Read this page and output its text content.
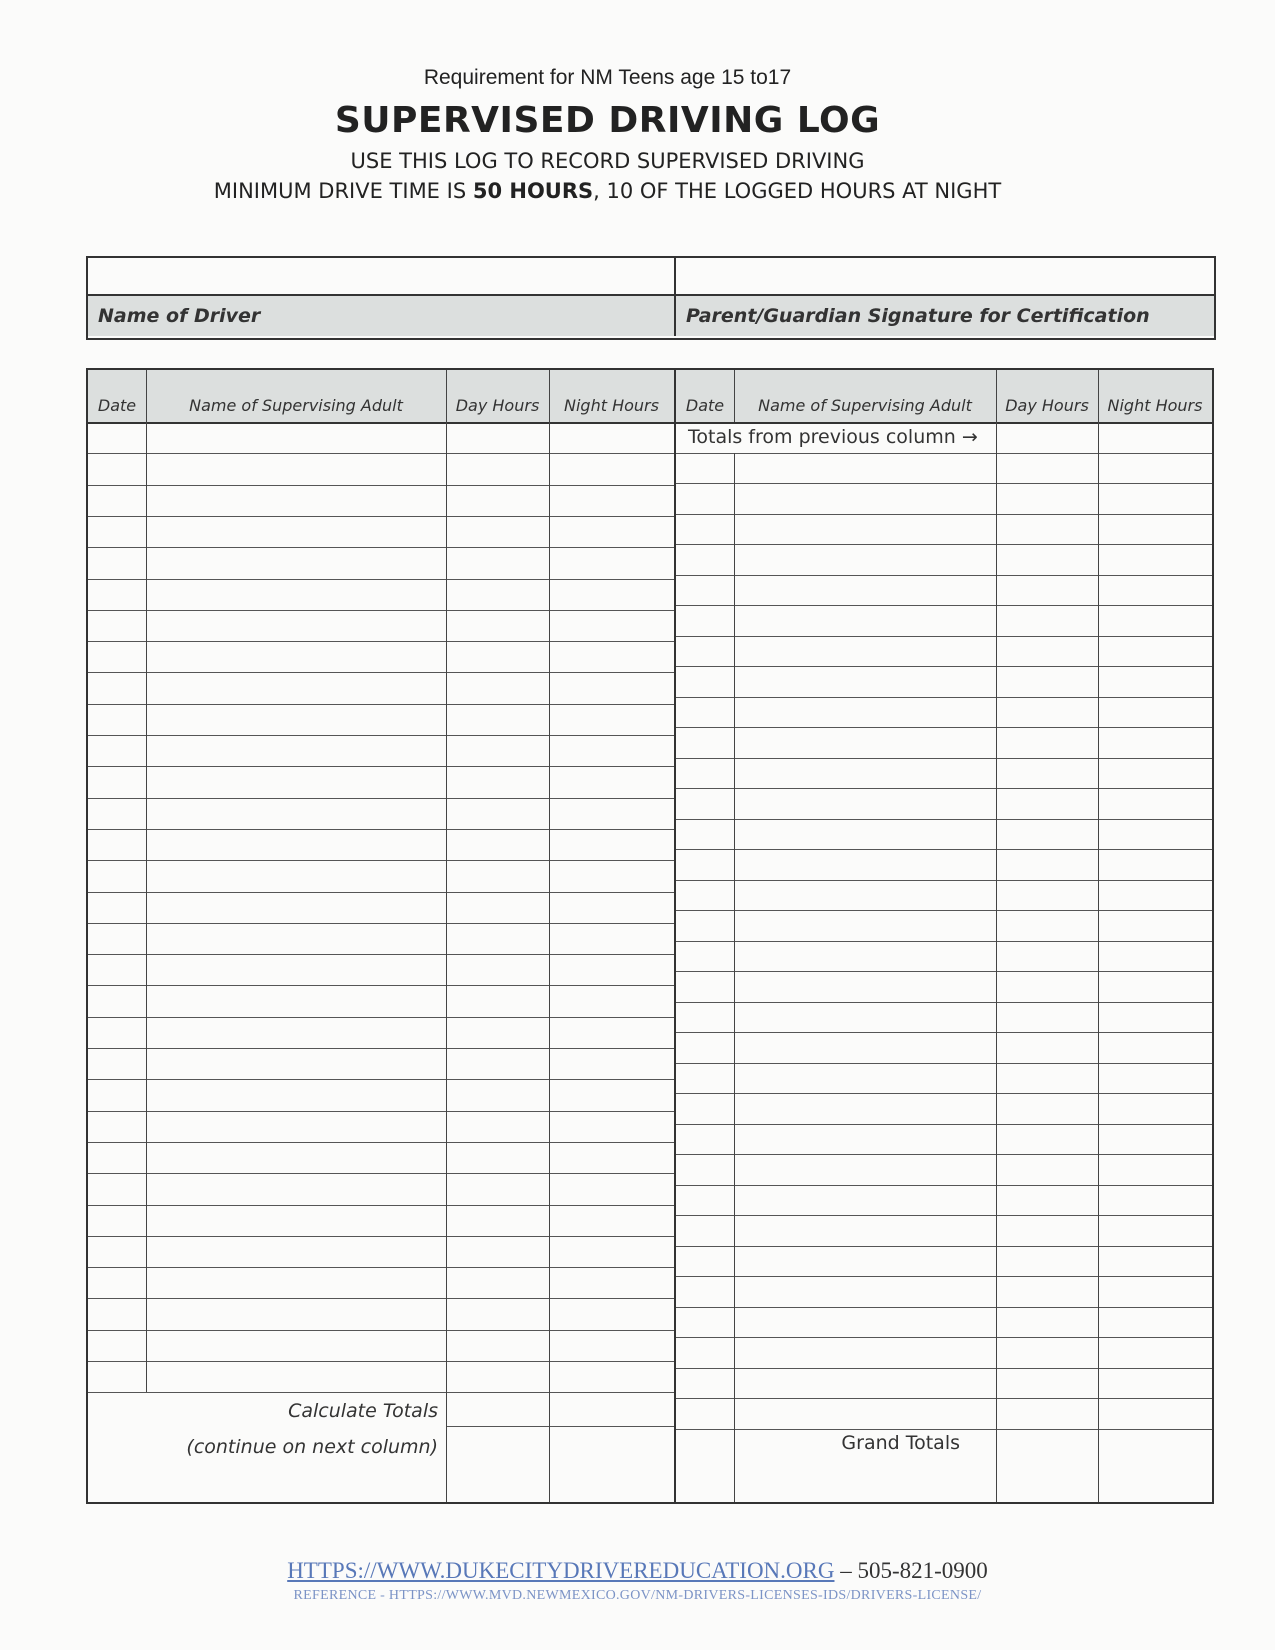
Requirement for NM Teens age 15 to17
SUPERVISED DRIVING LOG
USE THIS LOG TO RECORD SUPERVISED DRIVING
MINIMUM DRIVE TIME IS 50 HOURS, 10 OF THE LOGGED HOURS AT NIGHT
Name of Driver	Parent/Guardian Signature for Certification
Date	Name of Supervising Adult	Day Hours	Night Hours	Date	Name of Supervising Adult	Day Hours	Night Hours
Totals from previous column →
Calculate Totals
(continue on next column)	Grand Totals
HTTPS://WWW.DUKECITYDRIVEREDUCATION.ORG – 505-821-0900
REFERENCE - HTTPS://WWW.MVD.NEWMEXICO.GOV/NM-DRIVERS-LICENSES-IDS/DRIVERS-LICENSE/
